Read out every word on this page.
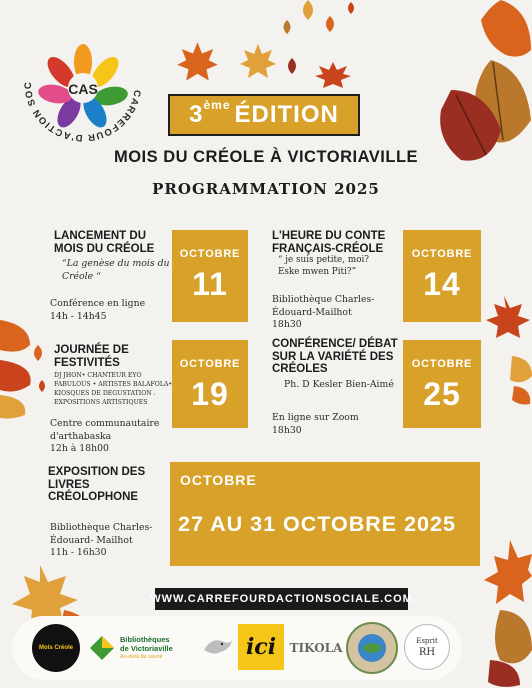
CARREFOUR D'ACTION SOC	CAS
3ème ÉDITION
MOIS DU CRÉOLE À VICTORIAVILLE
PROGRAMMATION 2025
LANCEMENT DU
MOIS DU CRÉOLE
“La genèse du mois du
Créole “
Conférence en ligne
14h - 14h45
OCTOBRE
11
L'HEURE DU CONTE
FRANÇAIS-CRÉOLE
“ je suis petite, moi?
Eske mwen Piti?”
Bibliothèque Charles-
Édouard-Mailhot
18h30
OCTOBRE
14
JOURNÉE DE
FESTIVITÉS
DJ JHON• CHANTEUR EYO
FABULOUS • ARTISTES BALAFOLA•
KIOSQUES DE DEGUSTATION .
EXPOSITIONS ARTISTIQUES
Centre communautaire
d'arthabaska
12h à 18h00
OCTOBRE
19
CONFÉRENCE/ DÉBAT
SUR LA VARIÉTÉ DES
CRÉOLES
Ph. D Kesler Bien-Aimé
En ligne sur Zoom
18h30
OCTOBRE
25
EXPOSITION DES
LIVRES
CRÉOLOPHONE
Bibliothèque Charles-
Édouard- Mailhot
11h - 16h30
OCTOBRE
27 AU 31 OCTOBRE 2025
WWW.CARREFOURDACTIONSOCIALE.COM
Mois Créole
Bibliothèques
de Victoriaville
Au-delà du savoir	ici	TIKOLA	Esprit
RH
